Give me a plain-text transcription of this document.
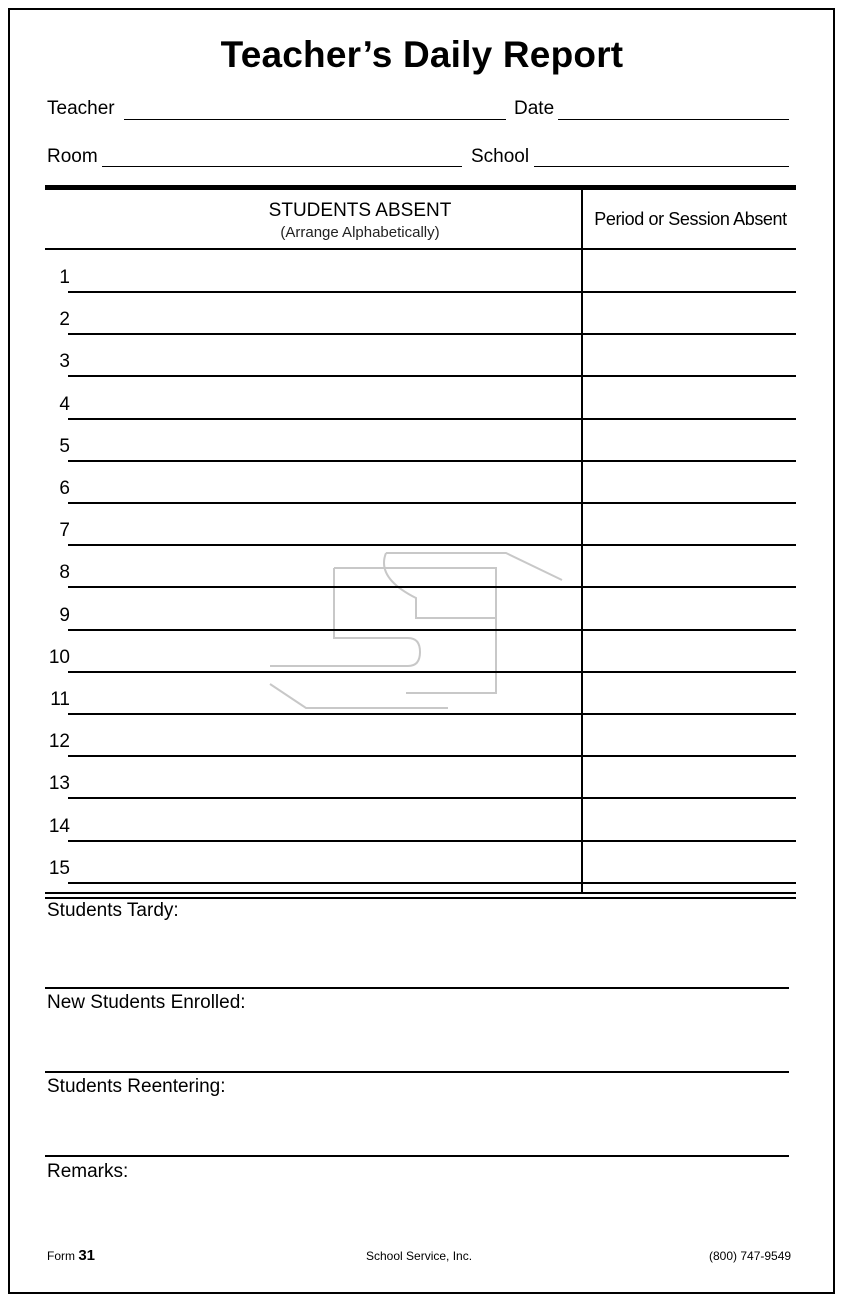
Teacher’s Daily Report
Teacher	Date
Room	School
STUDENTS ABSENT
(Arrange Alphabetically)
Period or Session Absent
1
2
3
4
5
6
7
8
9
10
11
12
13
14
15
Students Tardy:
New Students Enrolled:
Students Reentering:
Remarks:
Form 31	School Service, Inc.	(800) 747-9549
